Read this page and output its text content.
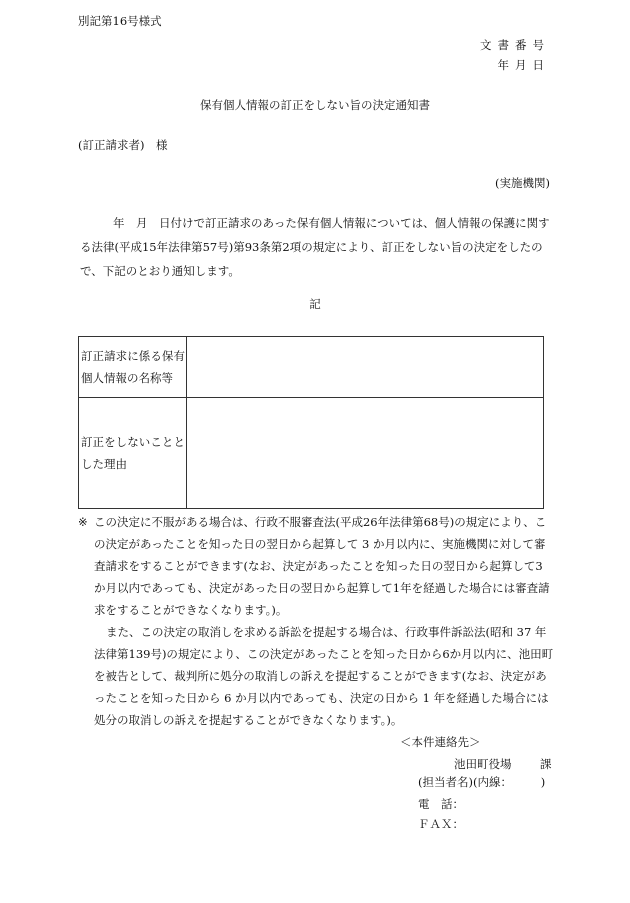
別記第16号様式
文書番号
年月日
保有個人情報の訂正をしない旨の決定通知書
(訂正請求者)　様
(実施機関)
年　月　日付けで訂正請求のあった保有個人情報については、個人情報の保護に関する法律(平成15年法律第57号)第93条第2項の規定により、訂正をしない旨の決定をしたので、下記のとおり通知します。
記
訂正請求に係る保有個人情報の名称等	
訂正をしないこととした理由	
※ この決定に不服がある場合は、行政不服審査法(平成26年法律第68号)の規定により、この決定があったことを知った日の翌日から起算して 3 か月以内に、実施機関に対して審査請求をすることができます(なお、決定があったことを知った日の翌日から起算して3か月以内であっても、決定があった日の翌日から起算して1年を経過した場合には審査請求をすることができなくなります。)。
また、この決定の取消しを求める訴訟を提起する場合は、行政事件訴訟法(昭和 37 年法律第139号)の規定により、この決定があったことを知った日から6か月以内に、池田町を被告として、裁判所に処分の取消しの訴えを提起することができます(なお、決定があったことを知った日から 6 か月以内であっても、決定の日から 1 年を経過した場合には処分の取消しの訴えを提起することができなくなります。)。
＜本件連絡先＞
池田町役場 課
(担当者名)(内線：　　　)
電　話：
ＦＡＸ：
